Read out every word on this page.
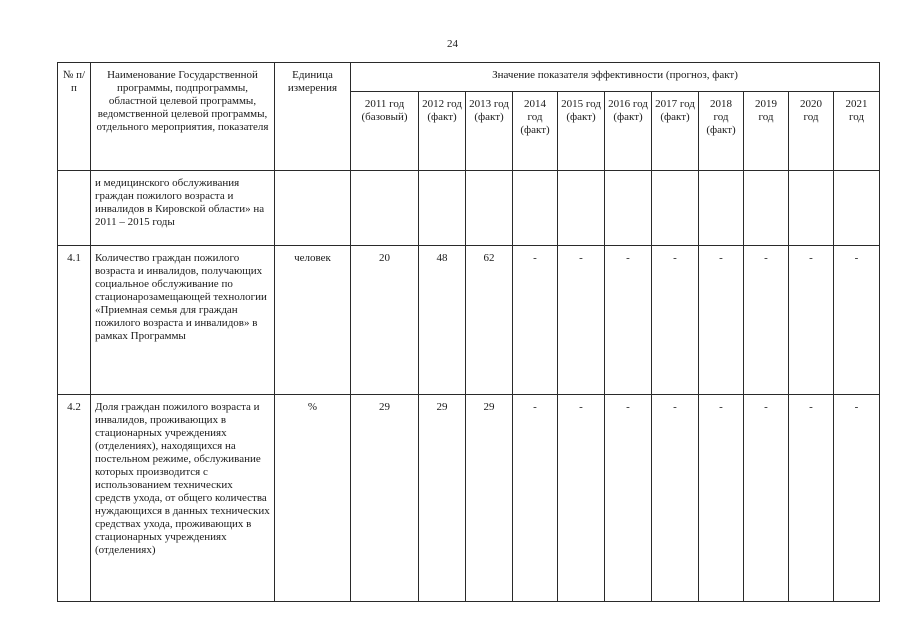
24
№ п/п	Наименование Государственной программы, подпрограммы, областной целевой программы, ведомственной целевой программы, отдельного мероприятия, показателя	Единица измерения	Значение показателя эффективности (прогноз, факт)										
			2011 год (базовый)	2012 год (факт)	2013 год (факт)	2014 год (факт)	2015 год (факт)	2016 год (факт)	2017 год (факт)	2018 год (факт)	2019 год	2020 год	2021 год
	и медицинского обслуживания граждан пожилого возраста и инвалидов в Кировской области» на 2011 – 2015 годы												
4.1	Количество граждан пожилого возраста и инвалидов, получающих социальное обслуживание по стационарозамещающей технологии «Приемная семья для граждан пожилого возраста и инвалидов» в рамках Программы	человек	20	48	62	-	-	-	-	-	-	-	-
4.2	Доля граждан пожилого возраста и инвалидов, проживающих в стационарных учреждениях (отделениях), находящихся на постельном режиме, обслуживание которых производится с использованием технических средств ухода, от общего количества нуждающихся в данных технических средствах ухода, проживающих в стационарных учреждениях (отделениях)	%	29	29	29	-	-	-	-	-	-	-	-
